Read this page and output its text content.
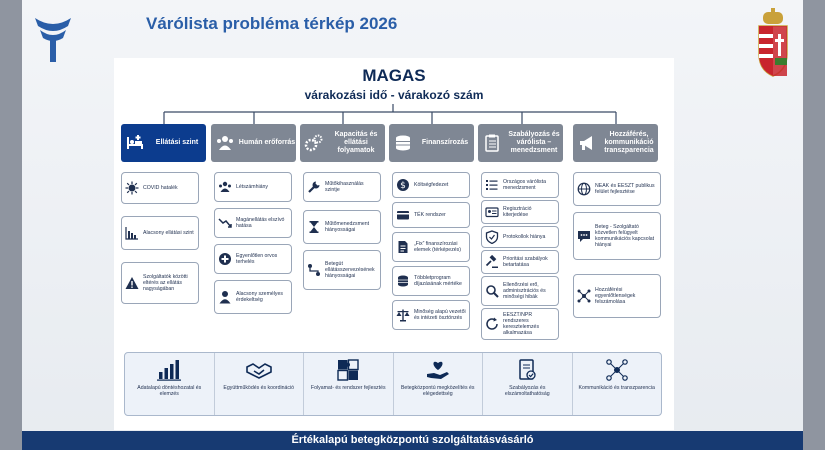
Várólista probléma térkép 2026
MAGAS
várakozási idő - várakozó szám
Ellátási szint	Humán erőforrás
Kapacitás és ellátási folyamatok
Finanszírozás
Szabályozás és várólista – menedzsment
Hozzáférés, kommunikáció transzparencia
COVID hatalék
Alacsony ellátási szint
Szolgáltatók közötti eltérés az ellátás nagyságában
Létszámhiány
Magánellátás elszívó hatása
Egyenlőtlen orvos terhelés
Alacsony személyes érdekeltség
Műtőkihasználás szintje
Műtőmenedzsment hiányosságai
Betegút ellátásszervezésének hiányosságai
$ Költségfedezet
TÉK rendszer
„Fix” finanszírozási elemek (térképezés)
Többletprogram díjazásának mértéke
Minőség alapú vezetői és intézeti ösztönzés
Országos várólista menedzsment
Regisztráció kiterjedése
Protokollok hiánya
Prioritási szabályok betartatása
Ellenőrzési erő, adminisztrációs és minőségi hibák
EESZT/NPR rendszeres keresztelemzés alkalmazása
NEAK és EESZT publikus felület fejlesztése
Beteg - Szolgáltató közvetlen felügyelt kommunikációs kapcsolat hiányai
Hozzáférési egyenlőtlenségek felszámolása
Adatalapú döntéshozatal és elemzés
Együttműködés és koordináció	Folyamat- és rendszer fejlesztés	Betegközpontú megközelítés és elégedettség
Szabályozás és elszámoltathatóság
Kommunikáció és transzparencia
Értékalapú betegközpontú szolgáltatásvásárló
